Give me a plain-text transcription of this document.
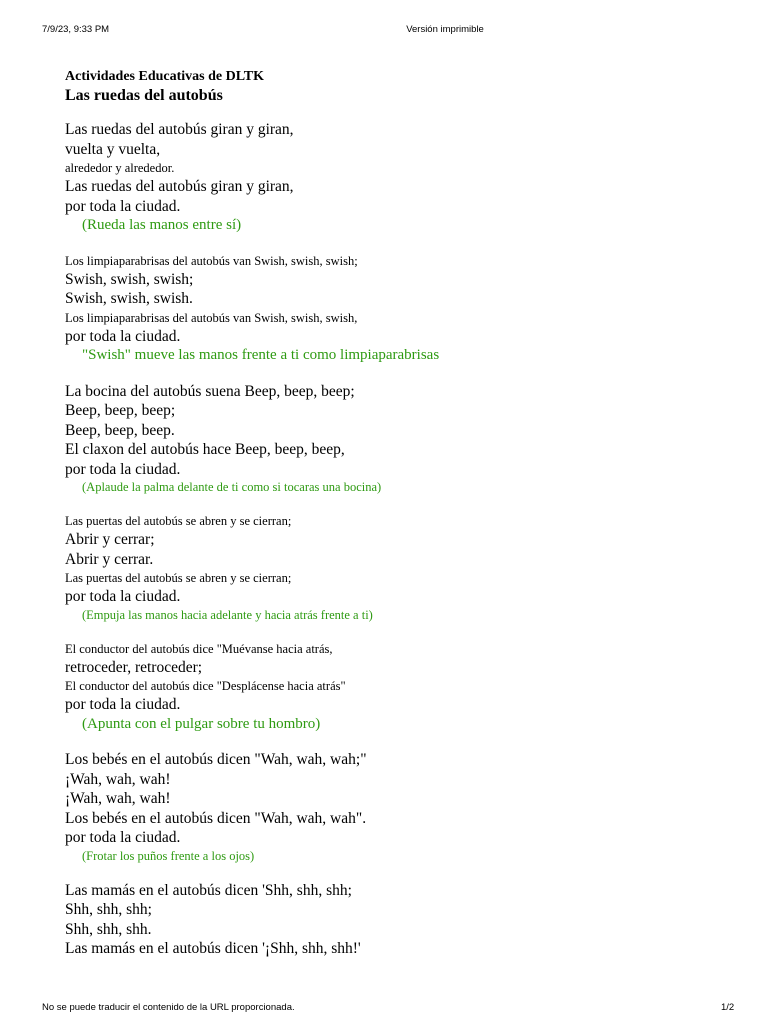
7/9/23, 9:33 PM	Versión imprimible
Actividades Educativas de DLTK
Las ruedas del autobús
Las ruedas del autobús giran y giran,
vuelta y vuelta,
alrededor y alrededor.
Las ruedas del autobús giran y giran,
por toda la ciudad.
(Rueda las manos entre sí)
Los limpiaparabrisas del autobús van Swish, swish, swish;
Swish, swish, swish;
Swish, swish, swish.
Los limpiaparabrisas del autobús van Swish, swish, swish,
por toda la ciudad.
"Swish" mueve las manos frente a ti como limpiaparabrisas
La bocina del autobús suena Beep, beep, beep;
Beep, beep, beep;
Beep, beep, beep.
El claxon del autobús hace Beep, beep, beep,
por toda la ciudad.
(Aplaude la palma delante de ti como si tocaras una bocina)
Las puertas del autobús se abren y se cierran;
Abrir y cerrar;
Abrir y cerrar.
Las puertas del autobús se abren y se cierran;
por toda la ciudad.
(Empuja las manos hacia adelante y hacia atrás frente a ti)
El conductor del autobús dice "Muévanse hacia atrás,
retroceder, retroceder;
El conductor del autobús dice "Desplácense hacia atrás"
por toda la ciudad.
(Apunta con el pulgar sobre tu hombro)
Los bebés en el autobús dicen "Wah, wah, wah;"
¡Wah, wah, wah!
¡Wah, wah, wah!
Los bebés en el autobús dicen "Wah, wah, wah".
por toda la ciudad.
(Frotar los puños frente a los ojos)
Las mamás en el autobús dicen 'Shh, shh, shh;
Shh, shh, shh;
Shh, shh, shh.
Las mamás en el autobús dicen '¡Shh, shh, shh!'
No se puede traducir el contenido de la URL proporcionada.	1/2
